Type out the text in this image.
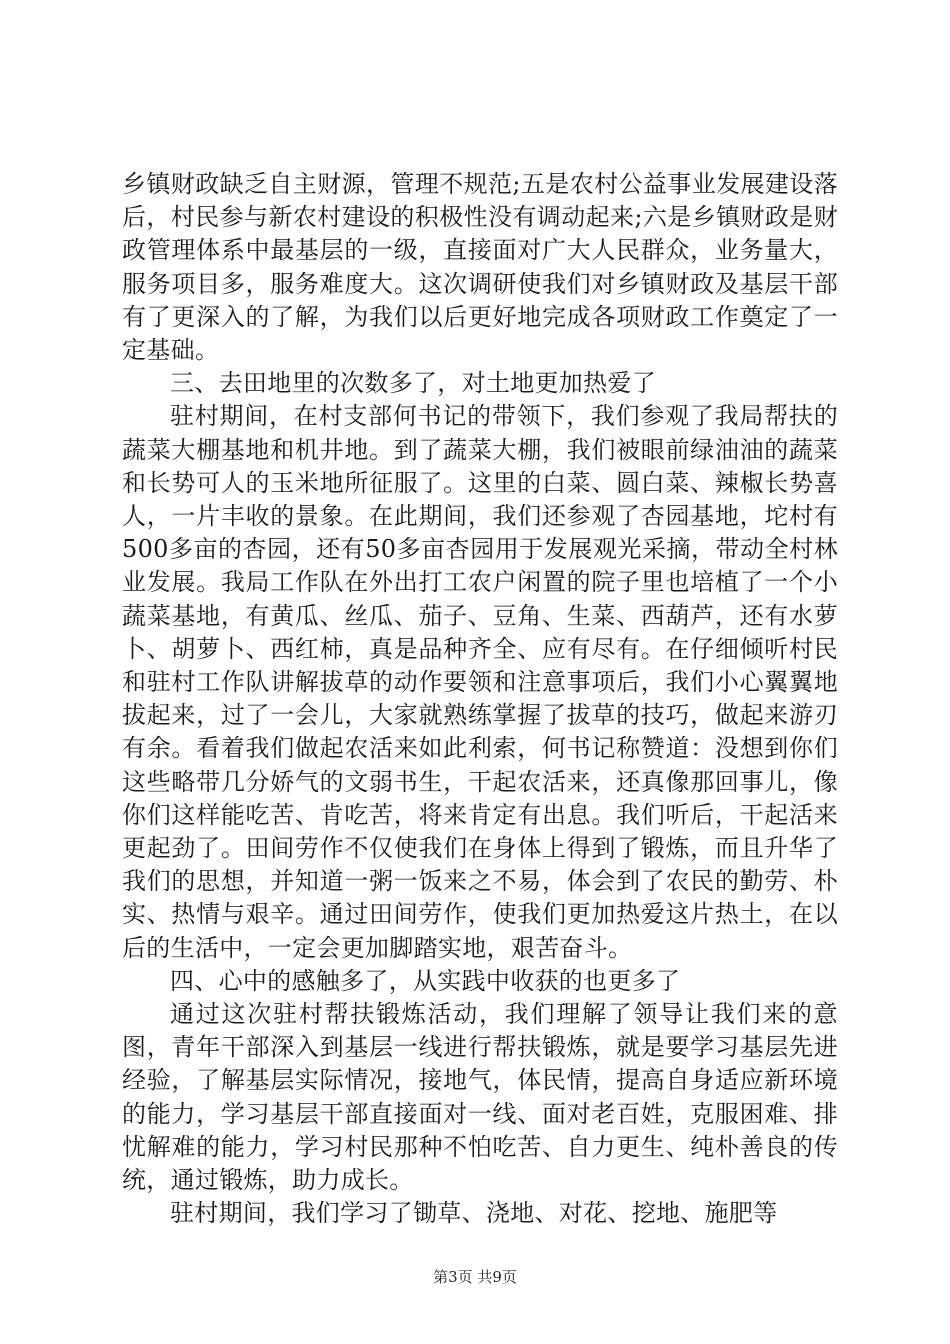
乡镇财政缺乏自主财源，管理不规范;五是农村公益事业发展建设落后，村民参与新农村建设的积极性没有调动起来;六是乡镇财政是财政管理体系中最基层的一级，直接面对广大人民群众，业务量大，服务项目多，服务难度大。这次调研使我们对乡镇财政及基层干部有了更深入的了解，为我们以后更好地完成各项财政工作奠定了一定基础。

三、去田地里的次数多了，对土地更加热爱了

驻村期间，在村支部何书记的带领下，我们参观了我局帮扶的蔬菜大棚基地和机井地。到了蔬菜大棚，我们被眼前绿油油的蔬菜和长势可人的玉米地所征服了。这里的白菜、圆白菜、辣椒长势喜人，一片丰收的景象。在此期间，我们还参观了杏园基地，坨村有500多亩的杏园，还有50多亩杏园用于发展观光采摘，带动全村林业发展。我局工作队在外出打工农户闲置的院子里也培植了一个小蔬菜基地，有黄瓜、丝瓜、茄子、豆角、生菜、西葫芦，还有水萝卜、胡萝卜、西红柿，真是品种齐全、应有尽有。在仔细倾听村民和驻村工作队讲解拔草的动作要领和注意事项后，我们小心翼翼地拔起来，过了一会儿，大家就熟练掌握了拔草的技巧，做起来游刃有余。看着我们做起农活来如此利索，何书记称赞道：没想到你们这些略带几分娇气的文弱书生，干起农活来，还真像那回事儿，像你们这样能吃苦、肯吃苦，将来肯定有出息。我们听后，干起活来更起劲了。田间劳作不仅使我们在身体上得到了锻炼，而且升华了我们的思想，并知道一粥一饭来之不易，体会到了农民的勤劳、朴实、热情与艰辛。通过田间劳作，使我们更加热爱这片热土，在以后的生活中，一定会更加脚踏实地，艰苦奋斗。

四、心中的感触多了，从实践中收获的也更多了

通过这次驻村帮扶锻炼活动，我们理解了领导让我们来的意图，青年干部深入到基层一线进行帮扶锻炼，就是要学习基层先进经验，了解基层实际情况，接地气，体民情，提高自身适应新环境的能力，学习基层干部直接面对一线、面对老百姓，克服困难、排忧解难的能力，学习村民那种不怕吃苦、自力更生、纯朴善良的传统，通过锻炼，助力成长。

驻村期间，我们学习了锄草、浇地、对花、挖地、施肥等

第3页 共9页
